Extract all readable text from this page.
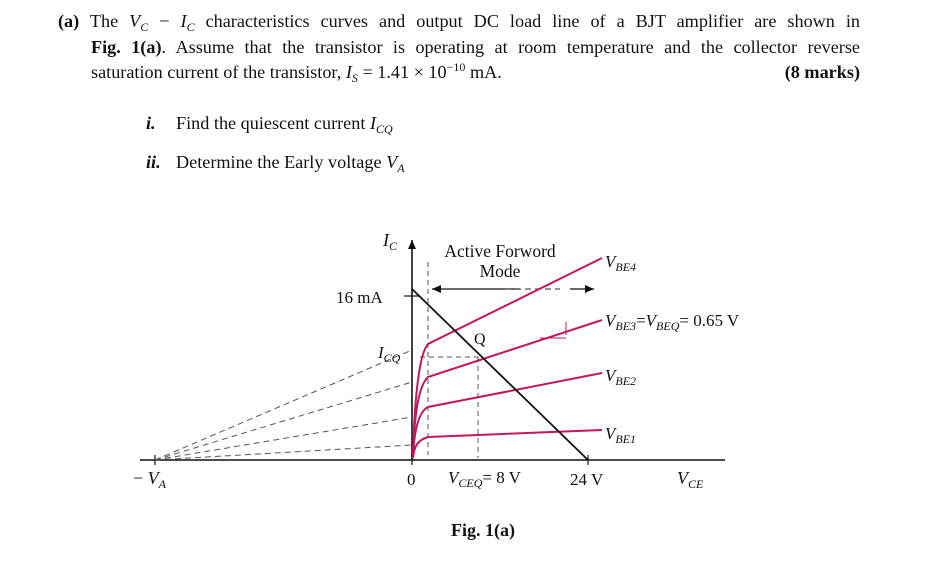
(a) The $V_C - I_C$ characteristics curves and output DC load line of a BJT amplifier are shown in
Fig. 1(a). Assume that the transistor is operating at room temperature and the collector reverse
saturation current of the transistor, $I_S = 1.41 \times 10^{-10}$ mA.	(8 marks)
i. Find the quiescent current $I_{CQ}$
ii. Determine the Early voltage $V_A$
$I_C$	Active Forword
Mode
16 mA
$I_{CQ}$
Q
$V_{BE4}$
$V_{BE3}=V_{BEQ}= 0.65$ V
$V_{BE2}$
$V_{BE1}$
− $V_A$	0 $V_{CEQ}= 8$ V	24 V	$V_{CE}$
Fig. 1(a)
